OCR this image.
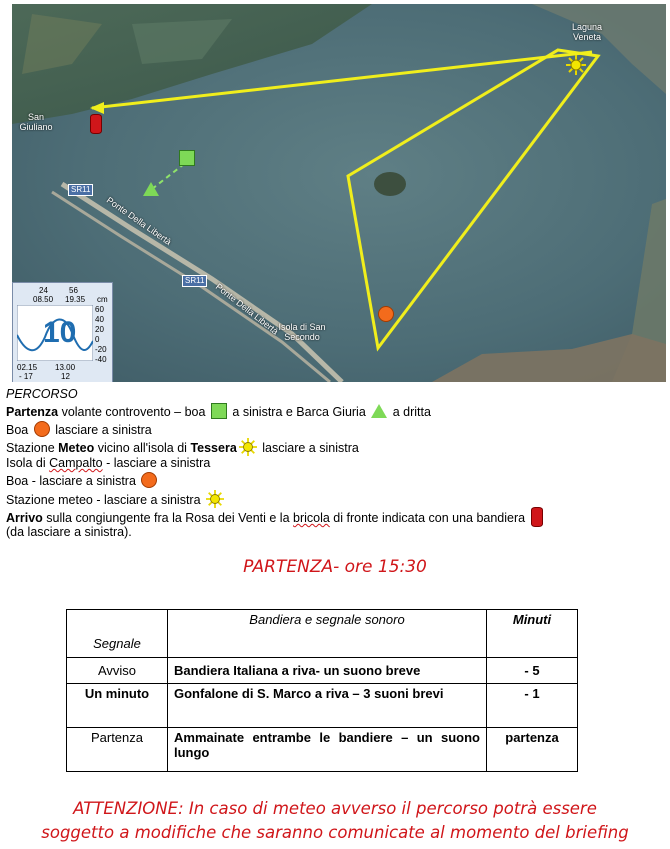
Laguna
Veneta
San
Giuliano
SR11
SR11
Ponte Della Libertà
Ponte Della Libertà
Isola di San
Secondo
24	56
08.50 19.35 cm
10
60
40
20
0
-20
-40
02.15 13.00
- 17	12
PERCORSO
Partenza volante controvento – boa  a sinistra e Barca Giuria  a dritta
Boa  lasciare a sinistra
Stazione Meteo vicino all'isola di Tessera lasciare a sinistra
Isola di Campalto - lasciare a sinistra
Boa - lasciare a sinistra
Stazione meteo - lasciare a sinistra
Arrivo sulla congiungente fra la Rosa dei Venti e la bricola di fronte indicata con una bandiera
(da lasciare a sinistra).
PARTENZA- ore 15:30
Segnale	Bandiera e segnale sonoro	Minuti
Avviso	Bandiera Italiana a riva- un suono breve	- 5
Un minuto	Gonfalone di S. Marco a riva – 3 suoni brevi	- 1
Partenza	Ammainate entrambe le bandiere – un suono lungo	partenza
ATTENZIONE: In caso di meteo avverso il percorso potrà essere
soggetto a modifiche che saranno comunicate al momento del briefing
